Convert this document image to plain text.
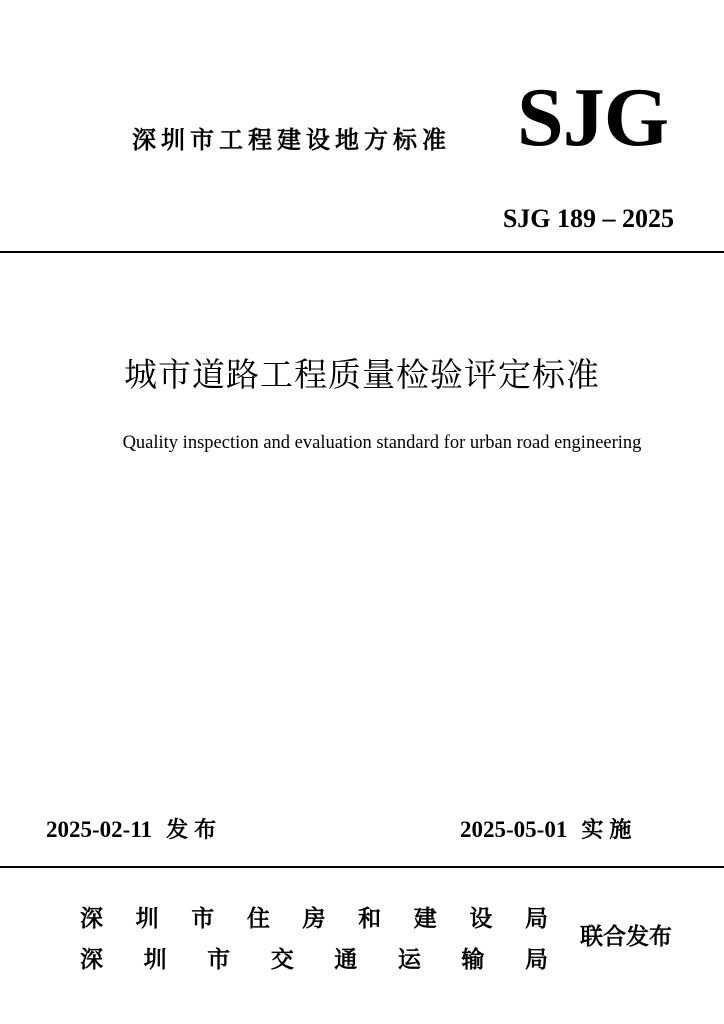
深圳市工程建设地方标准 SJG
SJG 189 – 2025
城市道路工程质量检验评定标准
Quality inspection and evaluation standard for urban road engineering
2025-02-11 发布	2025-05-01 实施
深 圳 市 住 房 和 建 设 局
深 圳 市 交 通 运 输 局
联合发布
